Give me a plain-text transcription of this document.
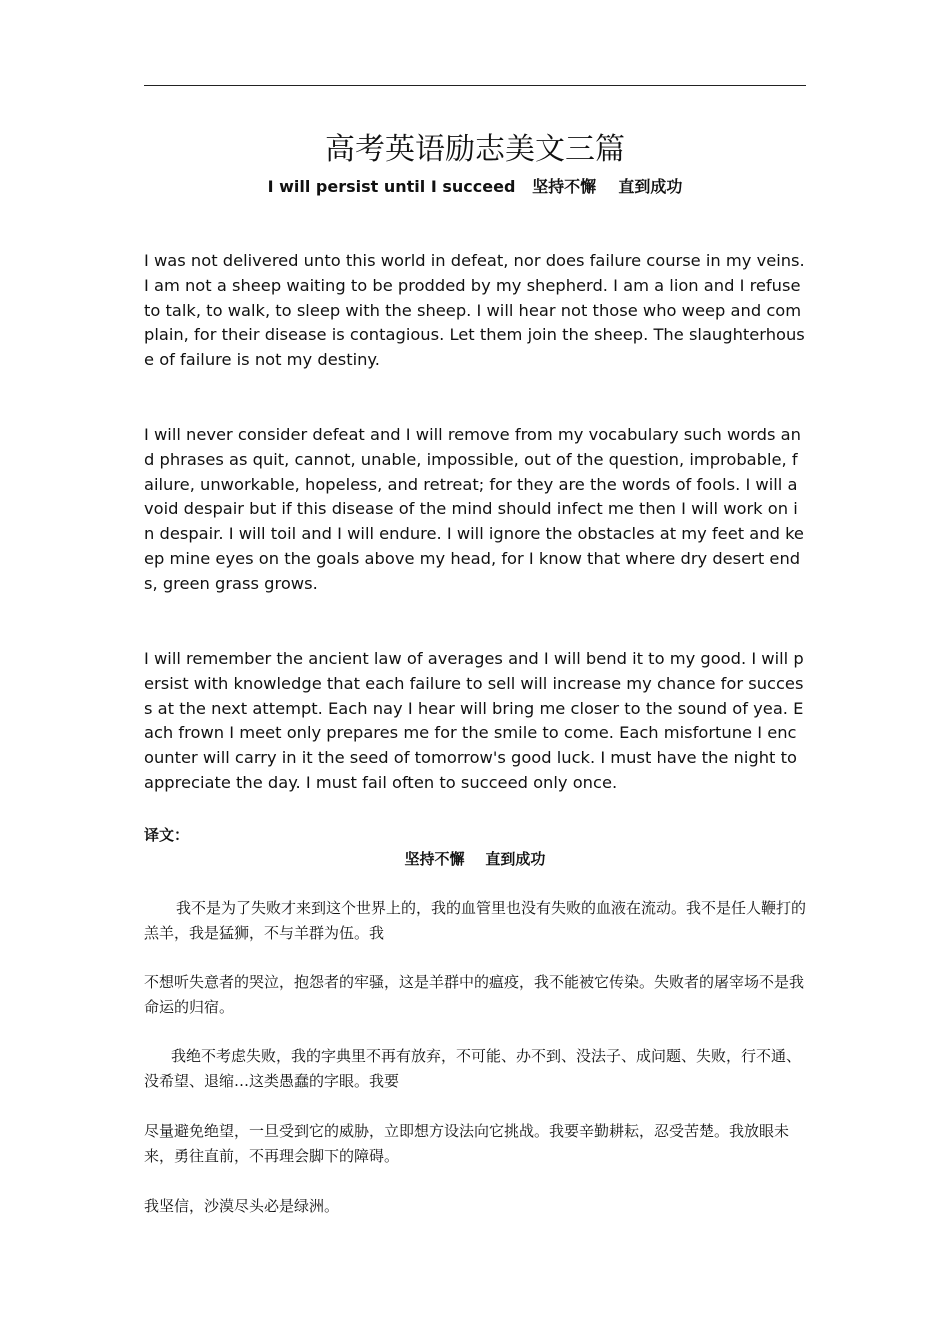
高考英语励志美文三篇
I will persist until I succeed   坚持不懈    直到成功

I was not delivered unto this world in defeat, nor does failure course in my veins. I am not a sheep waiting to be prodded by my shepherd. I am a lion and I refuse to talk, to walk, to sleep with the sheep. I will hear not those who weep and complain, for their disease is contagious. Let them join the sheep. The slaughterhouse of failure is not my destiny.

I will never consider defeat and I will remove from my vocabulary such words and phrases as quit, cannot, unable, impossible, out of the question, improbable, failure, unworkable, hopeless, and retreat; for they are the words of fools. I will avoid despair but if this disease of the mind should infect me then I will work on in despair. I will toil and I will endure. I will ignore the obstacles at my feet and keep mine eyes on the goals above my head, for I know that where dry desert ends, green grass grows.

I will remember the ancient law of averages and I will bend it to my good. I will persist with knowledge that each failure to sell will increase my chance for success at the next attempt. Each nay I hear will bring me closer to the sound of yea. Each frown I meet only prepares me for the smile to come. Each misfortune I encounter will carry in it the seed of tomorrow's good luck. I must have the night to appreciate the day. I must fail often to succeed only once.

译文：
坚持不懈    直到成功

我不是为了失败才来到这个世界上的，我的血管里也没有失败的血液在流动。我不是任人鞭打的羔羊，我是猛狮，不与羊群为伍。我

不想听失意者的哭泣，抱怨者的牢骚，这是羊群中的瘟疫，我不能被它传染。失败者的屠宰场不是我命运的归宿。

我绝不考虑失败，我的字典里不再有放弃，不可能、办不到、没法子、成问题、失败，行不通、没希望、退缩…这类愚蠢的字眼。我要

尽量避免绝望，一旦受到它的威胁，立即想方设法向它挑战。我要辛勤耕耘，忍受苦楚。我放眼未来，勇往直前，不再理会脚下的障碍。

我坚信，沙漠尽头必是绿洲。
